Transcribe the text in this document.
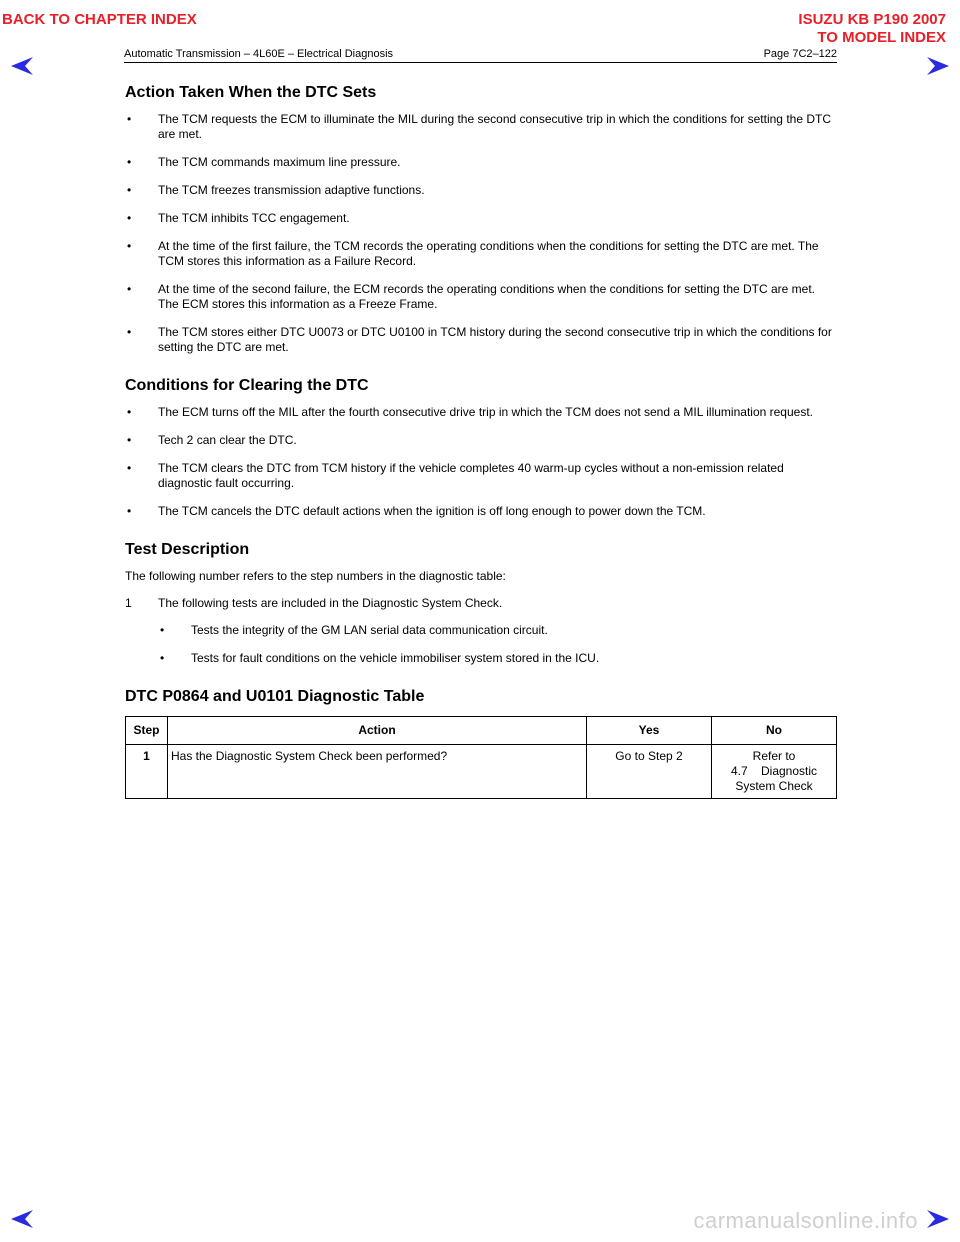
BACK TO CHAPTER INDEX	ISUZU KB P190 2007
TO MODEL INDEX
Automatic Transmission – 4L60E – Electrical Diagnosis	Page 7C2–122
Action Taken When the DTC Sets
• The TCM requests the ECM to illuminate the MIL during the second consecutive trip in which the conditions for setting the DTC are met.
• The TCM commands maximum line pressure.
• The TCM freezes transmission adaptive functions.
• The TCM inhibits TCC engagement.
• At the time of the first failure, the TCM records the operating conditions when the conditions for setting the DTC are met. The TCM stores this information as a Failure Record.
• At the time of the second failure, the ECM records the operating conditions when the conditions for setting the DTC are met. The ECM stores this information as a Freeze Frame.
• The TCM stores either DTC U0073 or DTC U0100 in TCM history during the second consecutive trip in which the conditions for setting the DTC are met.
Conditions for Clearing the DTC
• The ECM turns off the MIL after the fourth consecutive drive trip in which the TCM does not send a MIL illumination request.
• Tech 2 can clear the DTC.
• The TCM clears the DTC from TCM history if the vehicle completes 40 warm-up cycles without a non-emission related diagnostic fault occurring.
• The TCM cancels the DTC default actions when the ignition is off long enough to power down the TCM.
Test Description

The following number refers to the step numbers in the diagnostic table:

1 The following tests are included in the Diagnostic System Check.
• Tests the integrity of the GM LAN serial data communication circuit.
• Tests for fault conditions on the vehicle immobiliser system stored in the ICU.
DTC P0864 and U0101 Diagnostic Table
Step	Action	Yes	No
1	Has the Diagnostic System Check been performed?	Go to Step 2	Refer to
4.7    Diagnostic
System Check
carmanualsonline.info
